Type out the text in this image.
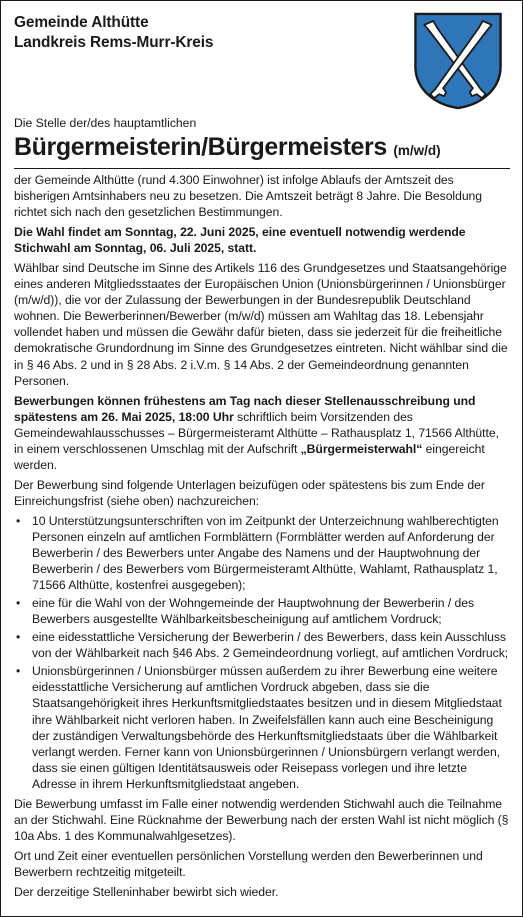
Gemeinde Althütte
Landkreis Rems-Murr-Kreis
Die Stelle der/des hauptamtlichen
Bürgermeisterin/Bürgermeisters (m/w/d)

der Gemeinde Althütte (rund 4.300 Einwohner) ist infolge Ablaufs der Amtszeit des bisherigen Amtsinhabers neu zu besetzen. Die Amtszeit beträgt 8 Jahre. Die Besoldung richtet sich nach den gesetzlichen Bestimmungen.

Die Wahl findet am Sonntag, 22. Juni 2025, eine eventuell notwendig werdende Stichwahl am Sonntag, 06. Juli 2025, statt.

Wählbar sind Deutsche im Sinne des Artikels 116 des Grundgesetzes und Staatsangehörige eines anderen Mitgliedsstaates der Europäischen Union (Unionsbürgerinnen / Unionsbürger (m/w/d)), die vor der Zulassung der Bewerbungen in der Bundesrepublik Deutschland wohnen. Die Bewerberinnen/Bewerber (m/w/d) müssen am Wahltag das 18. Lebensjahr vollendet haben und müssen die Gewähr dafür bieten, dass sie jederzeit für die freiheitliche demokratische Grundordnung im Sinne des Grundgesetzes eintreten. Nicht wählbar sind die in § 46 Abs. 2 und in § 28 Abs. 2 i.V.m. § 14 Abs. 2 der Gemeindeordnung genannten Personen.

Bewerbungen können frühestens am Tag nach dieser Stellenausschreibung und spätestens am 26. Mai 2025, 18:00 Uhr schriftlich beim Vorsitzenden des Gemeindewahlausschusses – Bürgermeisteramt Althütte – Rathausplatz 1, 71566 Althütte, in einem verschlossenen Umschlag mit der Aufschrift „Bürgermeisterwahl“ eingereicht werden.

Der Bewerbung sind folgende Unterlagen beizufügen oder spätestens bis zum Ende der Einreichungsfrist (siehe oben) nachzureichen:

• 10 Unterstützungsunterschriften von im Zeitpunkt der Unterzeichnung wahlberechtigten Personen einzeln auf amtlichen Formblättern (Formblätter werden auf Anforderung der Bewerberin / des Bewerbers unter Angabe des Namens und der Hauptwohnung der Bewerberin / des Bewerbers vom Bürgermeisteramt Althütte, Wahlamt, Rathausplatz 1, 71566 Althütte, kostenfrei ausgegeben);
• eine für die Wahl von der Wohngemeinde der Hauptwohnung der Bewerberin / des Bewerbers ausgestellte Wählbarkeitsbescheinigung auf amtlichem Vordruck;
• eine eidesstattliche Versicherung der Bewerberin / des Bewerbers, dass kein Ausschluss von der Wählbarkeit nach §46 Abs. 2 Gemeindeordnung vorliegt, auf amtlichen Vordruck;
• Unionsbürgerinnen / Unionsbürger müssen außerdem zu ihrer Bewerbung eine weitere eidesstattliche Versicherung auf amtlichen Vordruck abgeben, dass sie die Staatsangehörigkeit ihres Herkunftsmitgliedstaates besitzen und in diesem Mitgliedstaat ihre Wählbarkeit nicht verloren haben. In Zweifelsfällen kann auch eine Bescheinigung der zuständigen Verwaltungsbehörde des Herkunftsmitgliedstaats über die Wählbarkeit verlangt werden. Ferner kann von Unionsbürgerinnen / Unionsbürgern verlangt werden, dass sie einen gültigen Identitätsausweis oder Reisepass vorlegen und ihre letzte Adresse in ihrem Herkunftsmitgliedstaat angeben.

Die Bewerbung umfasst im Falle einer notwendig werdenden Stichwahl auch die Teilnahme an der Stichwahl. Eine Rücknahme der Bewerbung nach der ersten Wahl ist nicht möglich (§ 10a Abs. 1 des Kommunalwahlgesetzes).

Ort und Zeit einer eventuellen persönlichen Vorstellung werden den Bewerberinnen und Bewerbern rechtzeitig mitgeteilt.

Der derzeitige Stelleninhaber bewirbt sich wieder.
